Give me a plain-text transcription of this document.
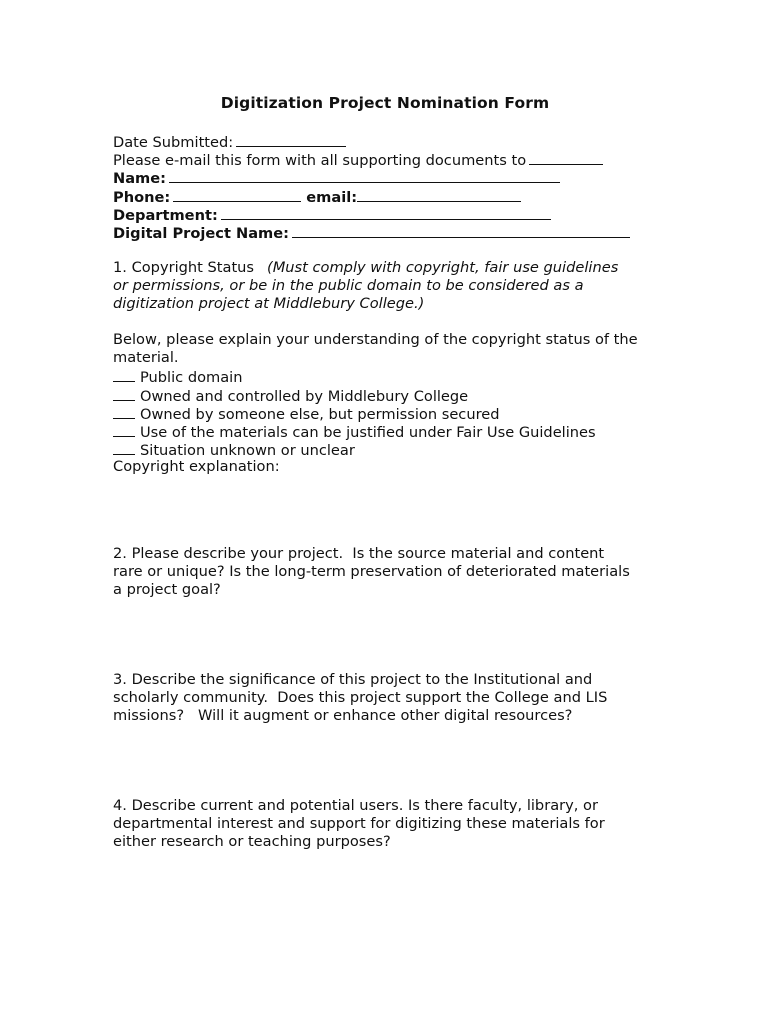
Digitization Project Nomination Form
Date Submitted:
Please e-mail this form with all supporting documents to
Name:
Phone:	email:
Department:
Digital Project Name:
1. Copyright Status (Must comply with copyright, fair use guidelines
or permissions, or be in the public domain to be considered as a
digitization project at Middlebury College.)
Below, please explain your understanding of the copyright status of the
material.
Public domain
Owned and controlled by Middlebury College
Owned by someone else, but permission secured
Use of the materials can be justified under Fair Use Guidelines
Situation unknown or unclear
Copyright explanation:
2. Please describe your project.  Is the source material and content
rare or unique? Is the long-term preservation of deteriorated materials
a project goal?
3. Describe the significance of this project to the Institutional and
scholarly community.  Does this project support the College and LIS
missions?   Will it augment or enhance other digital resources?
4. Describe current and potential users. Is there faculty, library, or
departmental interest and support for digitizing these materials for
either research or teaching purposes?
